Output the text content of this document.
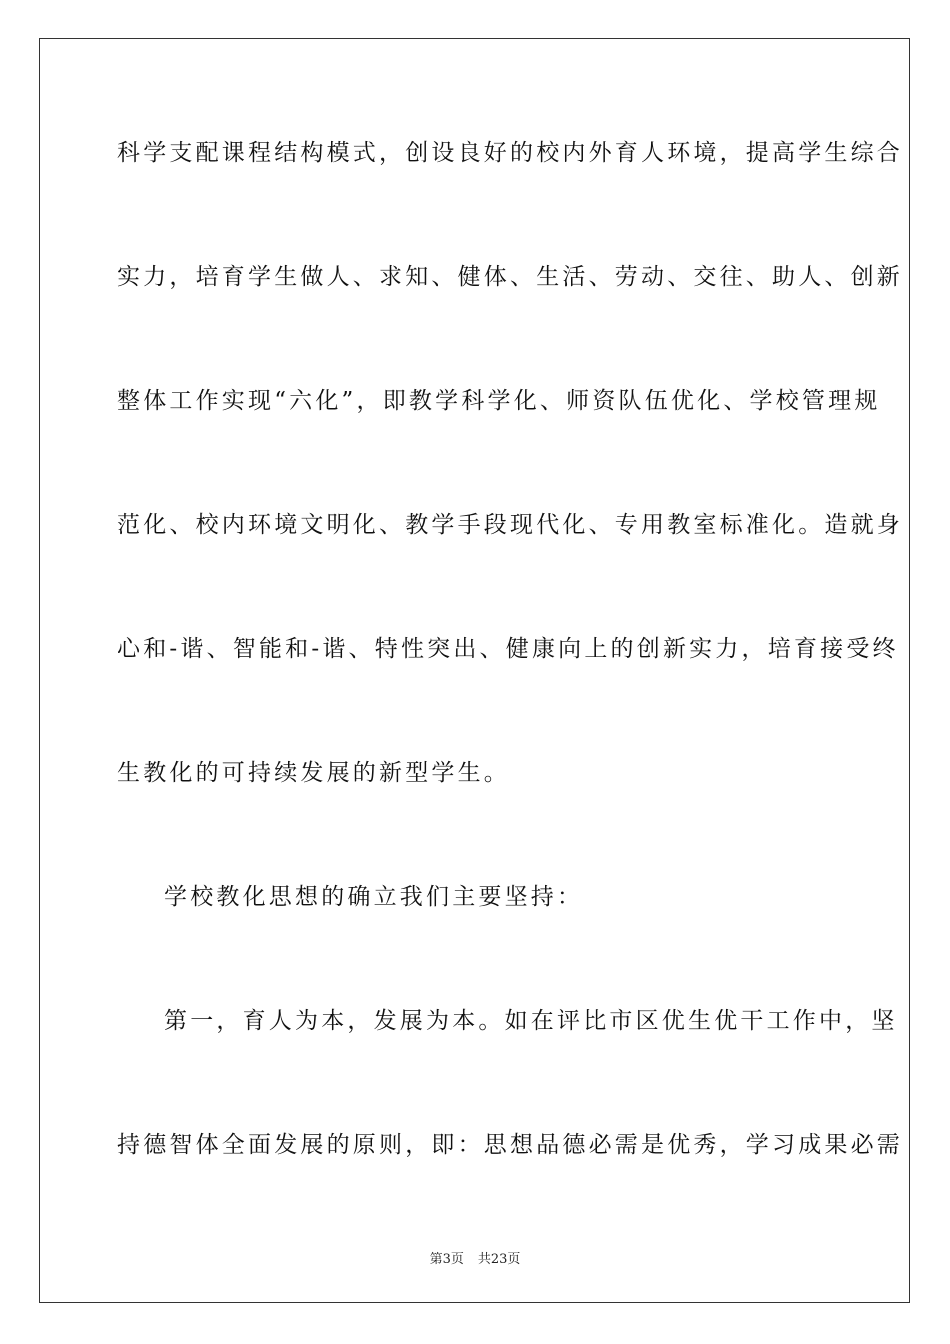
科学支配课程结构模式，创设良好的校内外育人环境，提高学生综合
实力，培育学生做人、求知、健体、生活、劳动、交往、助人、创新
整体工作实现“六化”，即教学科学化、师资队伍优化、学校管理规
范化、校内环境文明化、教学手段现代化、专用教室标准化。造就身
心和-谐、智能和-谐、特性突出、健康向上的创新实力，培育接受终
生教化的可持续发展的新型学生。
学校教化思想的确立我们主要坚持：
第一，育人为本，发展为本。如在评比市区优生优干工作中，坚
持德智体全面发展的原则，即：思想品德必需是优秀，学习成果必需
第3页 共23页
